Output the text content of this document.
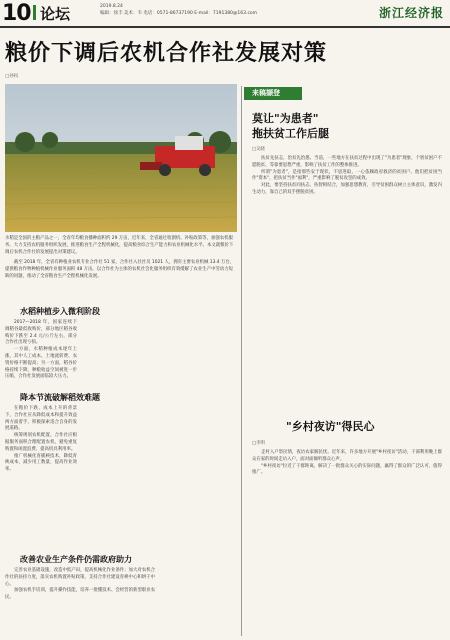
10 论坛	2019.8.24
编辑：徐丰 美术：韦 电话：0571-86737190 E-mail：7191380@163.com	浙江经济报
粮价下调后农机合作社发展对策
□孙权
水稻是全国的主粮产品之一，全省年均粮食播种面积约 29 万亩，近年来，全省通过收割机、补贴政策等，加强农机服务、大力支持农机服务组织发展，推进粮食生产全程机械化，提高粮食综合生产能力和农业机械化水平。本文就粮价下调后农机合作社的发展提出对策建议。
截至 2018 年，全省有种植业农机专业合作社 51 家，合作社入社社员 1021 人，拥有主要农业机械 13.4 万台，提供粮食作物种植机械作业服务面积 48 万亩。以合作社为主体的农机社会化服务组织有效缓解了农业生产中劳动力短缺的问题，推动了全省粮食生产全程机械化发展。
水稻种植步入微利阶段

2017—2018 年，国家连续下调稻谷最低收购价，部分地区稻谷收购价下跌至 2.4 元/公斤左右，部分合作社出现亏损。

一方面，水稻种植成本逐年上涨，其中人工成本、土地流转费、农资价格不断提高；另一方面，稻谷价格持续下降，种粮收益空间被进一步压缩，合作社发展面临较大压力。

降本节流破解稻效难题

在粮价下跌、成本上升的背景下，合作社应从降低成本和提升效益两方面着手，积极探索适合自身的发展道路。

统筹规划农机配置。合作社应根据服务面积合理配置农机，避免重复购置和闲置浪费，提高机具利用率。

推广机械化育插秧技术，降低育秧成本，减少用工数量，提高作业效率。

改善农业生产条件仍需政府助力

完善农业基础设施，改造中低产田，提高机械化作业条件；加大对农机合作社的扶持力度，落实农机购置补贴政策，支持合作社建设育秧中心和烘干中心。

加强农机手培训，提升操作技能，培养一批懂技术、会经营的新型职业农民。

来稿撷登
莫让"为患者"
拖扶贫工作后腿
□吴晓

扶贫先扶志，治贫先治愚。当前，一些地方在扶贫过程中出现了"为患者"现象，个别贫困户不愿脱贫、等靠要思想严重，影响了扶贫工作的整体推进。

所谓"为患者"，是指那些安于现状、不思进取，一心依赖政府救济的贫困户。他们把贫困当作"资本"，把扶贫当作"福利"，严重影响了脱贫攻坚的成效。

对此，要坚持扶贫同扶志、扶智相结合，加强思想教育，引导贫困群众树立主体意识，激发内生动力，靠自己的双手摆脱贫困。

"乡村夜访"得民心
□李明

走村入户察民情，夜访农家解民忧。近年来，许多地方开展"乡村夜访"活动，干部利用晚上群众在家的时间走访入户，面对面倾听群众心声。

"乡村夜访"拉近了干群距离，解决了一批群众关心的实际问题，赢得了群众的广泛认可，值得推广。
